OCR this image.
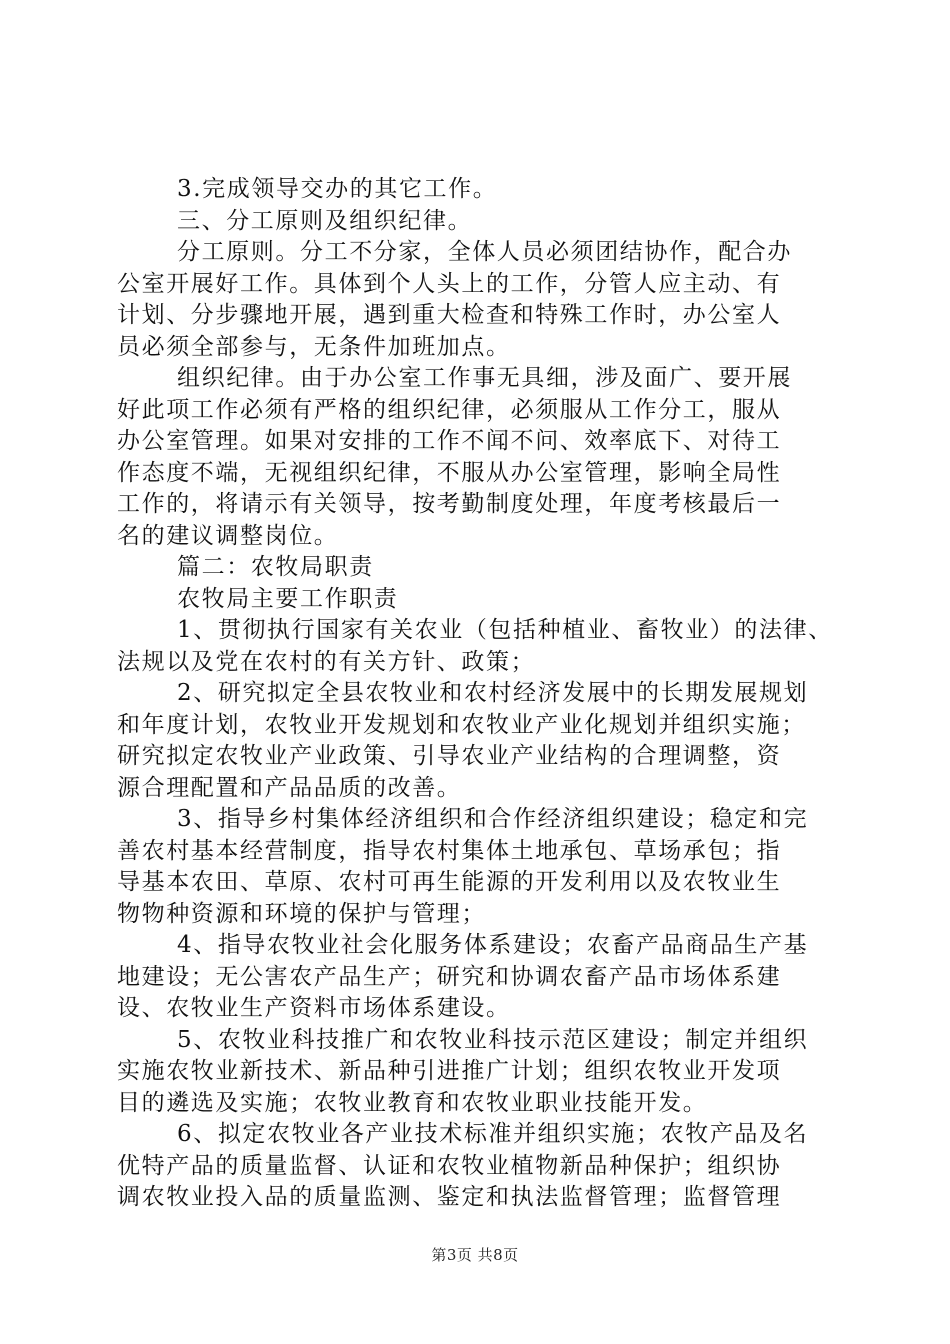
3.完成领导交办的其它工作。
三、分工原则及组织纪律。
分工原则。分工不分家，全体人员必须团结协作，配合办
公室开展好工作。具体到个人头上的工作，分管人应主动、有
计划、分步骤地开展，遇到重大检查和特殊工作时，办公室人
员必须全部参与，无条件加班加点。
组织纪律。由于办公室工作事无具细，涉及面广、要开展
好此项工作必须有严格的组织纪律，必须服从工作分工，服从
办公室管理。如果对安排的工作不闻不问、效率底下、对待工
作态度不端，无视组织纪律，不服从办公室管理，影响全局性
工作的，将请示有关领导，按考勤制度处理，年度考核最后一
名的建议调整岗位。
篇二：农牧局职责
农牧局主要工作职责
1、贯彻执行国家有关农业（包括种植业、畜牧业）的法律、
法规以及党在农村的有关方针、政策；
2、研究拟定全县农牧业和农村经济发展中的长期发展规划
和年度计划，农牧业开发规划和农牧业产业化规划并组织实施；
研究拟定农牧业产业政策、引导农业产业结构的合理调整，资
源合理配置和产品品质的改善。
3、指导乡村集体经济组织和合作经济组织建设；稳定和完
善农村基本经营制度，指导农村集体土地承包、草场承包；指
导基本农田、草原、农村可再生能源的开发利用以及农牧业生
物物种资源和环境的保护与管理；
4、指导农牧业社会化服务体系建设；农畜产品商品生产基
地建设；无公害农产品生产；研究和协调农畜产品市场体系建
设、农牧业生产资料市场体系建设。
5、农牧业科技推广和农牧业科技示范区建设；制定并组织
实施农牧业新技术、新品种引进推广计划；组织农牧业开发项
目的遴选及实施；农牧业教育和农牧业职业技能开发。
6、拟定农牧业各产业技术标准并组织实施；农牧产品及名
优特产品的质量监督、认证和农牧业植物新品种保护；组织协
调农牧业投入品的质量监测、鉴定和执法监督管理；监督管理
第3页 共8页
